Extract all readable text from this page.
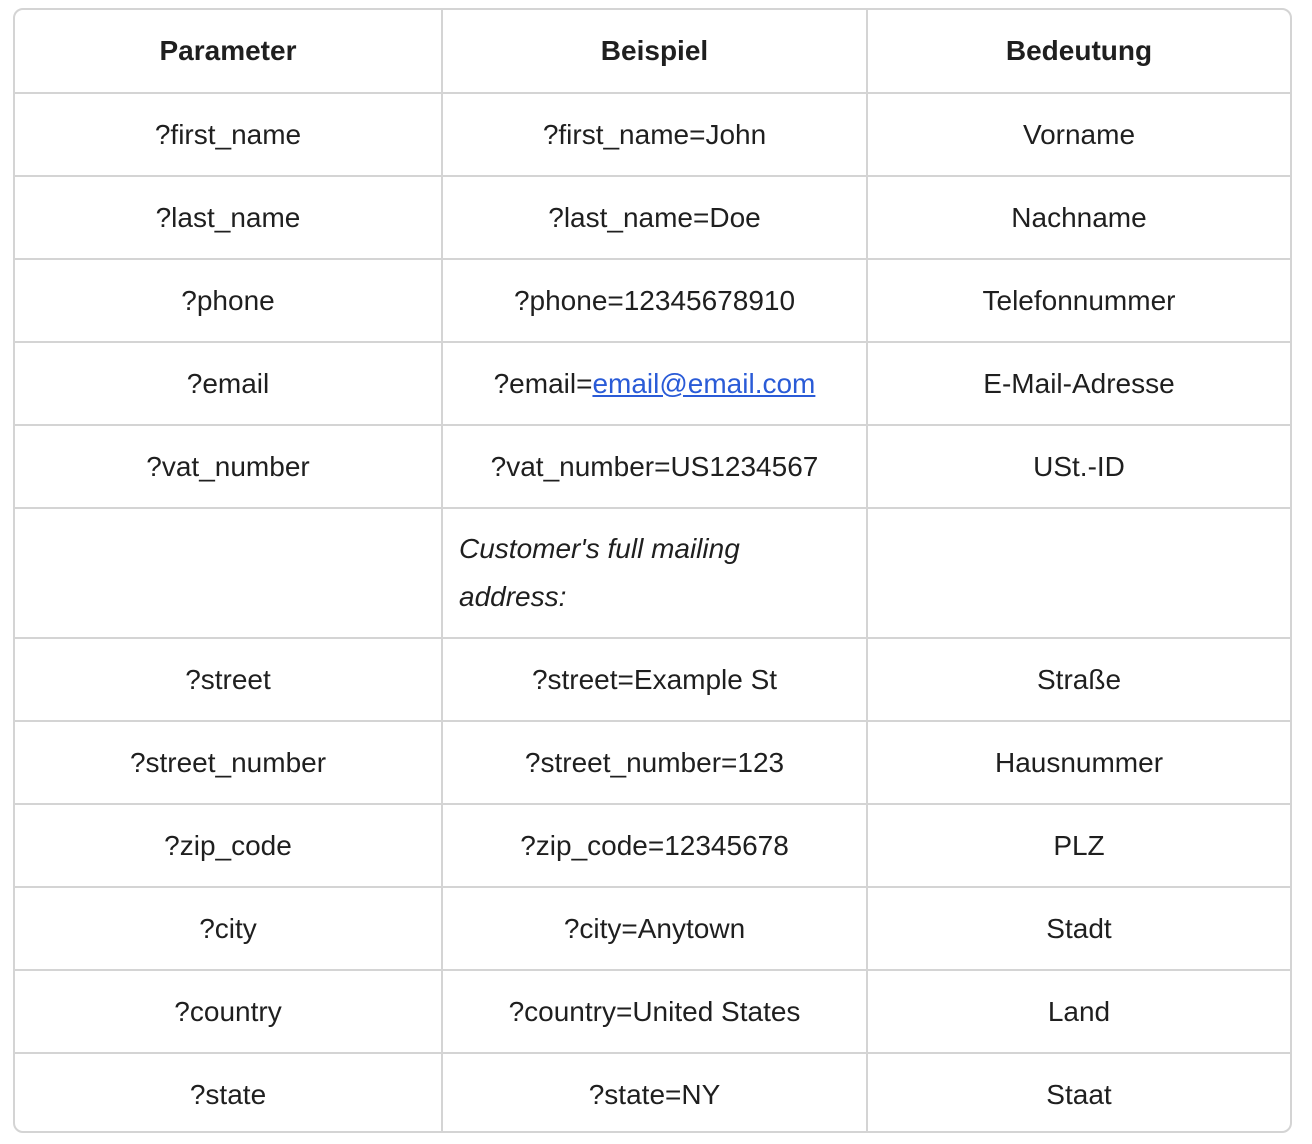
Parameter	Beispiel	Bedeutung
?first_name	?first_name=John	Vorname
?last_name	?last_name=Doe	Nachname
?phone	?phone=12345678910	Telefonnummer
?email	?email=email@email.com	E-Mail-Adresse
?vat_number	?vat_number=US1234567	USt.-ID
	Customer's full mailing address:	
?street	?street=Example St	Straße
?street_number	?street_number=123	Hausnummer
?zip_code	?zip_code=12345678	PLZ
?city	?city=Anytown	Stadt
?country	?country=United States	Land
?state	?state=NY	Staat
